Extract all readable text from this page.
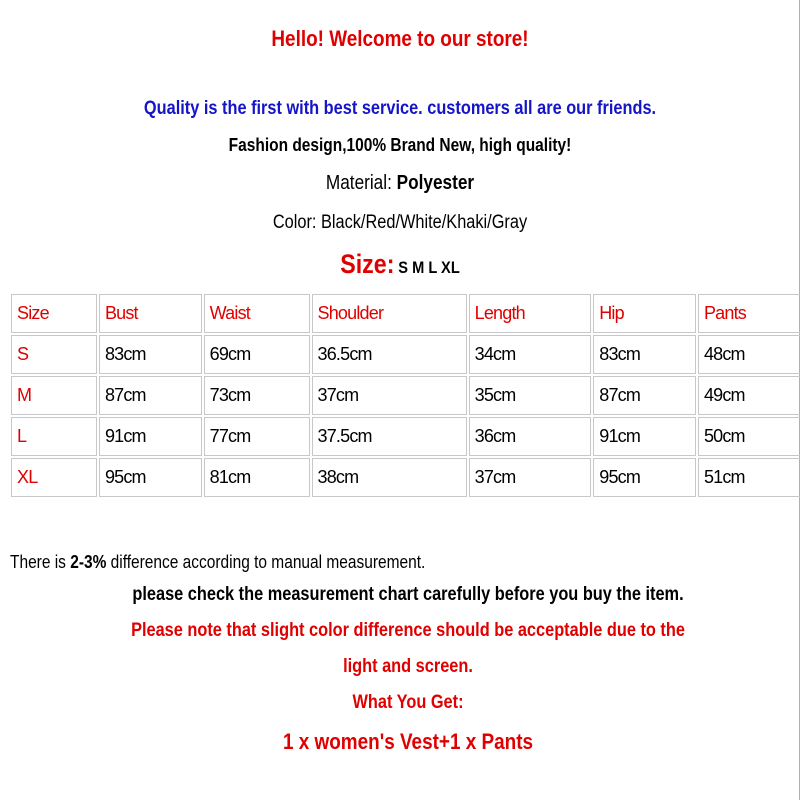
Hello! Welcome to our store!
Quality is the first with best service. customers all are our friends.
Fashion design,100% Brand New, high quality!
Material: Polyester
Color: Black/Red/White/Khaki/Gray
Size: S M L XL
Size	Bust	Waist	Shoulder	Length	Hip	Pants
S	83cm	69cm	36.5cm	34cm	83cm	48cm
M	87cm	73cm	37cm	35cm	87cm	49cm
L	91cm	77cm	37.5cm	36cm	91cm	50cm
XL	95cm	81cm	38cm	37cm	95cm	51cm
There is 2-3% difference according to manual measurement.
please check the measurement chart carefully before you buy the item.
Please note that slight color difference should be acceptable due to the
light and screen.
What You Get:
1 x women's Vest+1 x Pants
